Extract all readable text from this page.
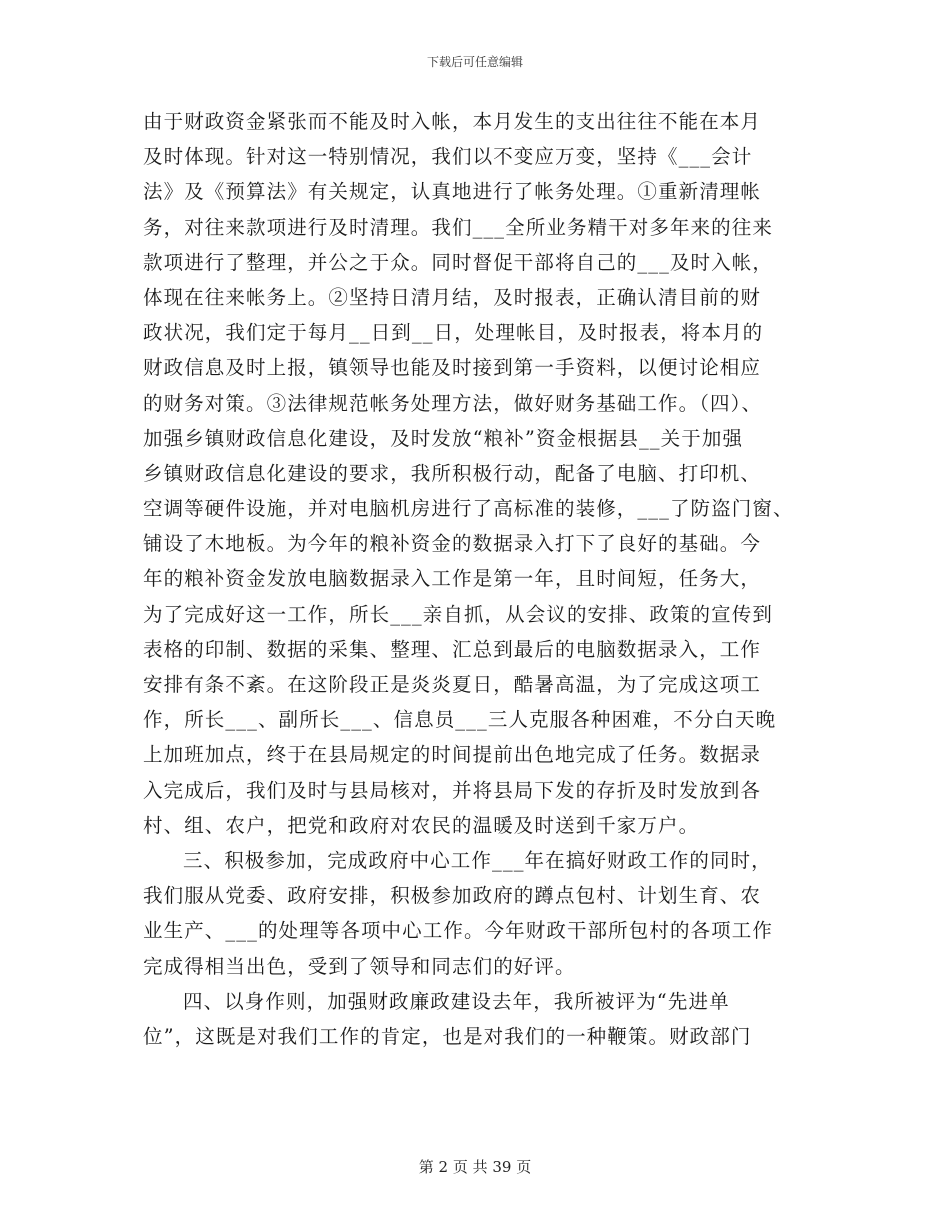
下载后可任意编辑
由于财政资金紧张而不能及时入帐，本月发生的支出往往不能在本月
及时体现。针对这一特别情况，我们以不变应万变，坚持《___会计
法》及《预算法》有关规定，认真地进行了帐务处理。①重新清理帐
务，对往来款项进行及时清理。我们___全所业务精干对多年来的往来
款项进行了整理，并公之于众。同时督促干部将自己的___及时入帐，
体现在往来帐务上。②坚持日清月结，及时报表，正确认清目前的财
政状况，我们定于每月__日到__日，处理帐目，及时报表，将本月的
财政信息及时上报，镇领导也能及时接到第一手资料，以便讨论相应
的财务对策。③法律规范帐务处理方法，做好财务基础工作。（四）、
加强乡镇财政信息化建设，及时发放“粮补”资金根据县__关于加强
乡镇财政信息化建设的要求，我所积极行动，配备了电脑、打印机、
空调等硬件设施，并对电脑机房进行了高标准的装修，___了防盗门窗、
铺设了木地板。为今年的粮补资金的数据录入打下了良好的基础。今
年的粮补资金发放电脑数据录入工作是第一年，且时间短，任务大，
为了完成好这一工作，所长___亲自抓，从会议的安排、政策的宣传到
表格的印制、数据的采集、整理、汇总到最后的电脑数据录入，工作
安排有条不紊。在这阶段正是炎炎夏日，酷暑高温，为了完成这项工
作，所长___、副所长___、信息员___三人克服各种困难，不分白天晚
上加班加点，终于在县局规定的时间提前出色地完成了任务。数据录
入完成后，我们及时与县局核对，并将县局下发的存折及时发放到各
村、组、农户，把党和政府对农民的温暖及时送到千家万户。
三、积极参加，完成政府中心工作___年在搞好财政工作的同时，
我们服从党委、政府安排，积极参加政府的蹲点包村、计划生育、农
业生产、___的处理等各项中心工作。今年财政干部所包村的各项工作
完成得相当出色，受到了领导和同志们的好评。
四、以身作则，加强财政廉政建设去年，我所被评为“先进单
位”，这既是对我们工作的肯定，也是对我们的一种鞭策。财政部门
第 2 页 共 39 页
